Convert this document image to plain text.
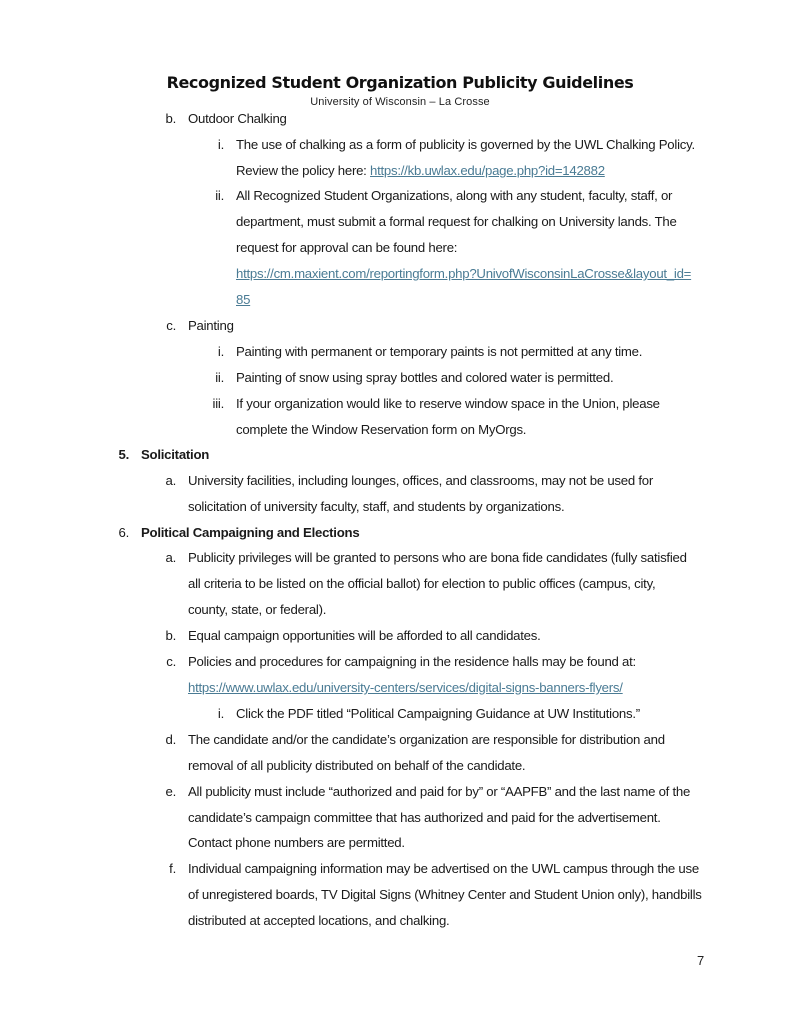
Recognized Student Organization Publicity Guidelines
University of Wisconsin – La Crosse
b. Outdoor Chalking
i. The use of chalking as a form of publicity is governed by the UWL Chalking Policy.
Review the policy here: https://kb.uwlax.edu/page.php?id=142882
ii. All Recognized Student Organizations, along with any student, faculty, staff, or
department, must submit a formal request for chalking on University lands. The
request for approval can be found here:
https://cm.maxient.com/reportingform.php?UnivofWisconsinLaCrosse&layout_id=
85
c. Painting
i. Painting with permanent or temporary paints is not permitted at any time.
ii. Painting of snow using spray bottles and colored water is permitted.
iii. If your organization would like to reserve window space in the Union, please
complete the Window Reservation form on MyOrgs.
5. Solicitation
a. University facilities, including lounges, offices, and classrooms, may not be used for
solicitation of university faculty, staff, and students by organizations.
6. Political Campaigning and Elections
a. Publicity privileges will be granted to persons who are bona fide candidates (fully satisfied
all criteria to be listed on the official ballot) for election to public offices (campus, city,
county, state, or federal).
b. Equal campaign opportunities will be afforded to all candidates.
c. Policies and procedures for campaigning in the residence halls may be found at:
https://www.uwlax.edu/university-centers/services/digital-signs-banners-flyers/
i. Click the PDF titled “Political Campaigning Guidance at UW Institutions.”
d. The candidate and/or the candidate’s organization are responsible for distribution and
removal of all publicity distributed on behalf of the candidate.
e. All publicity must include “authorized and paid for by” or “AAPFB” and the last name of the
candidate’s campaign committee that has authorized and paid for the advertisement.
Contact phone numbers are permitted.
f. Individual campaigning information may be advertised on the UWL campus through the use
of unregistered boards, TV Digital Signs (Whitney Center and Student Union only), handbills
distributed at accepted locations, and chalking.
7
